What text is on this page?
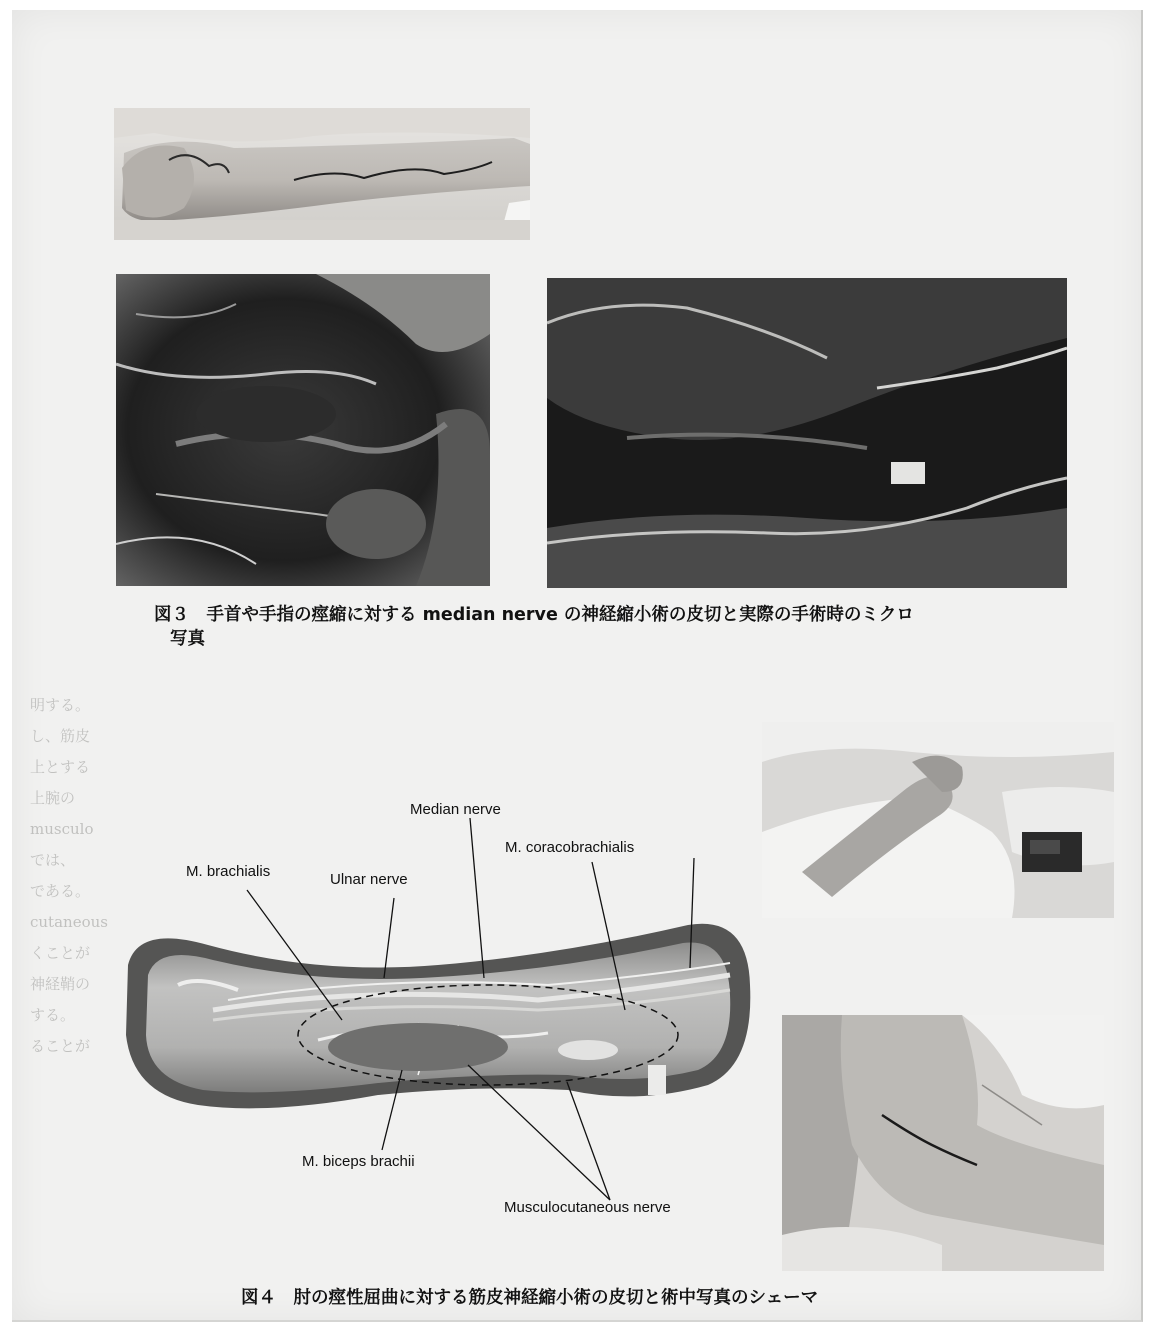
明する。
し、筋皮
上とする
上腕の
musculo
では、
である。
cutaneous
くことが
神経鞘の
する。
ることが
図３　手首や手指の痙縮に対する median nerve の神経縮小術の皮切と実際の手術時のミクロ
写真
Median nerve
M. coracobrachialis
M. brachialis	Ulnar nerve
M. biceps brachii
Musculocutaneous nerve
図４　肘の痙性屈曲に対する筋皮神経縮小術の皮切と術中写真のシェーマ
